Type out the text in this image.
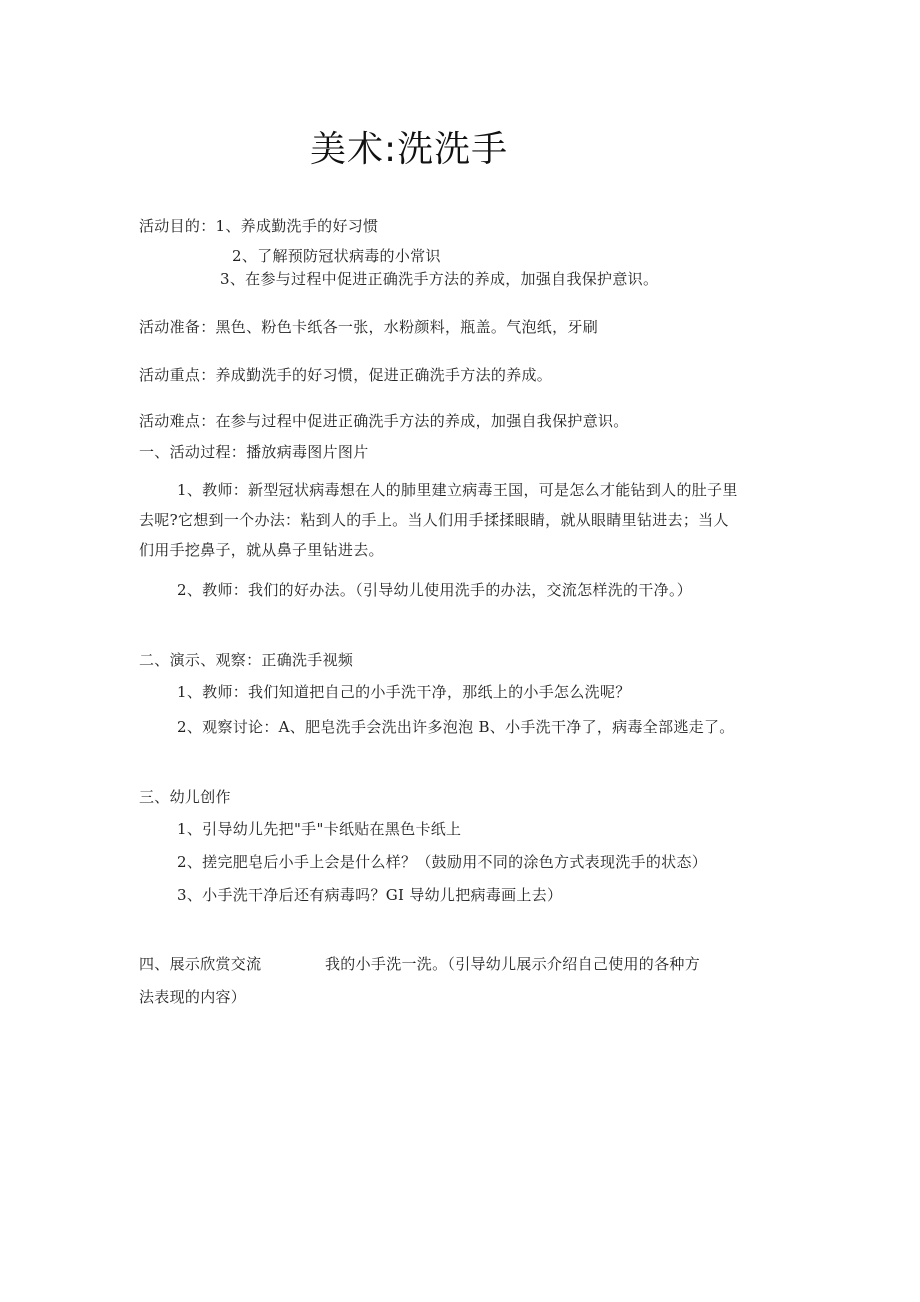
美术:洗洗手
活动目的：1、养成勤洗手的好习惯
2、了解预防冠状病毒的小常识
3、在参与过程中促进正确洗手方法的养成，加强自我保护意识。
活动准备：黑色、粉色卡纸各一张，水粉颜料，瓶盖。气泡纸，牙刷
活动重点：养成勤洗手的好习惯，促进正确洗手方法的养成。
活动难点：在参与过程中促进正确洗手方法的养成，加强自我保护意识。
一、活动过程：播放病毒图片图片
1、教师：新型冠状病毒想在人的肺里建立病毒王国，可是怎么才能钻到人的肚子里
去呢?它想到一个办法：粘到人的手上。当人们用手揉揉眼睛，就从眼睛里钻进去；当人
们用手挖鼻子，就从鼻子里钻进去。
2、教师：我们的好办法。（引导幼儿使用洗手的办法，交流怎样洗的干净。）
二、演示、观察：正确洗手视频
1、教师：我们知道把自己的小手洗干净，那纸上的小手怎么洗呢？
2、观察讨论：A、肥皂洗手会洗出许多泡泡 B、小手洗干净了，病毒全部逃走了。
三、幼儿创作
1、引导幼儿先把"手"卡纸贴在黑色卡纸上
2、搓完肥皂后小手上会是什么样？（鼓励用不同的涂色方式表现洗手的状态）
3、小手洗干净后还有病毒吗？GI 导幼儿把病毒画上去）
四、展示欣赏交流	我的小手洗一洗。（引导幼儿展示介绍自己使用的各种方
法表现的内容）
